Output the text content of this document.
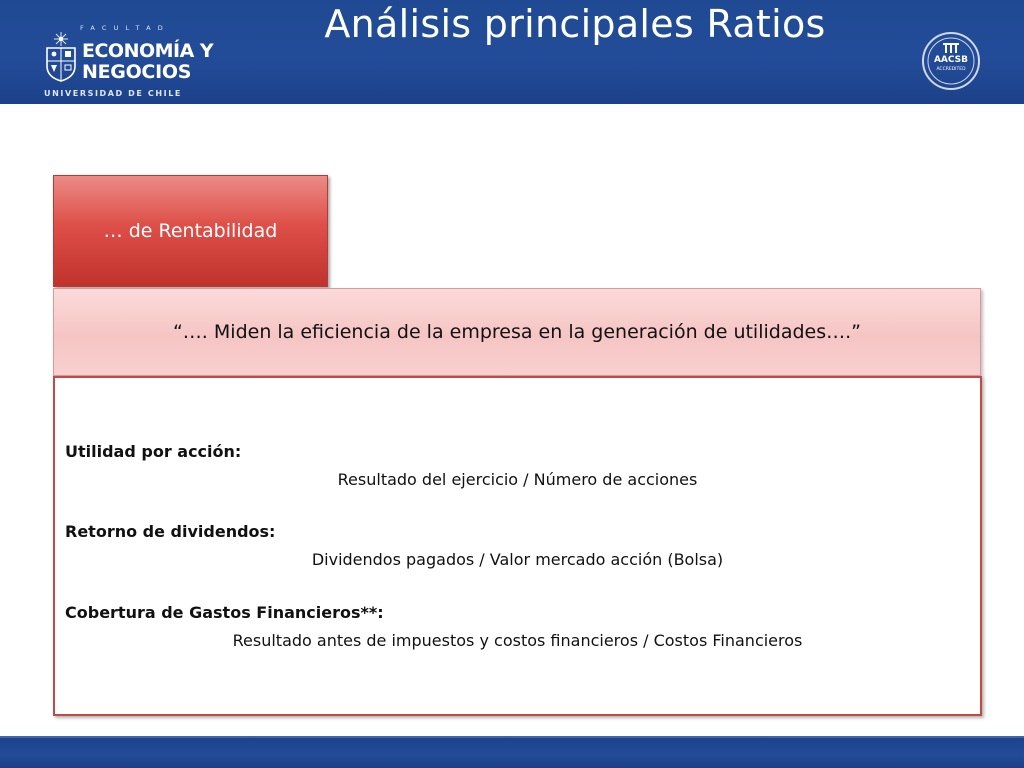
FACULTAD
ECONOMÍA Y
NEGOCIOS
UNIVERSIDAD DE CHILE
Análisis principales Ratios
AACSB
ACCREDITED
… de Rentabilidad
“…. Miden la eficiencia de la empresa en la generación de utilidades….”
Utilidad por acción:
Resultado del ejercicio / Número de acciones
Retorno de dividendos:
Dividendos pagados / Valor mercado acción (Bolsa)
Cobertura de Gastos Financieros**:
Resultado antes de impuestos y costos financieros / Costos Financieros
